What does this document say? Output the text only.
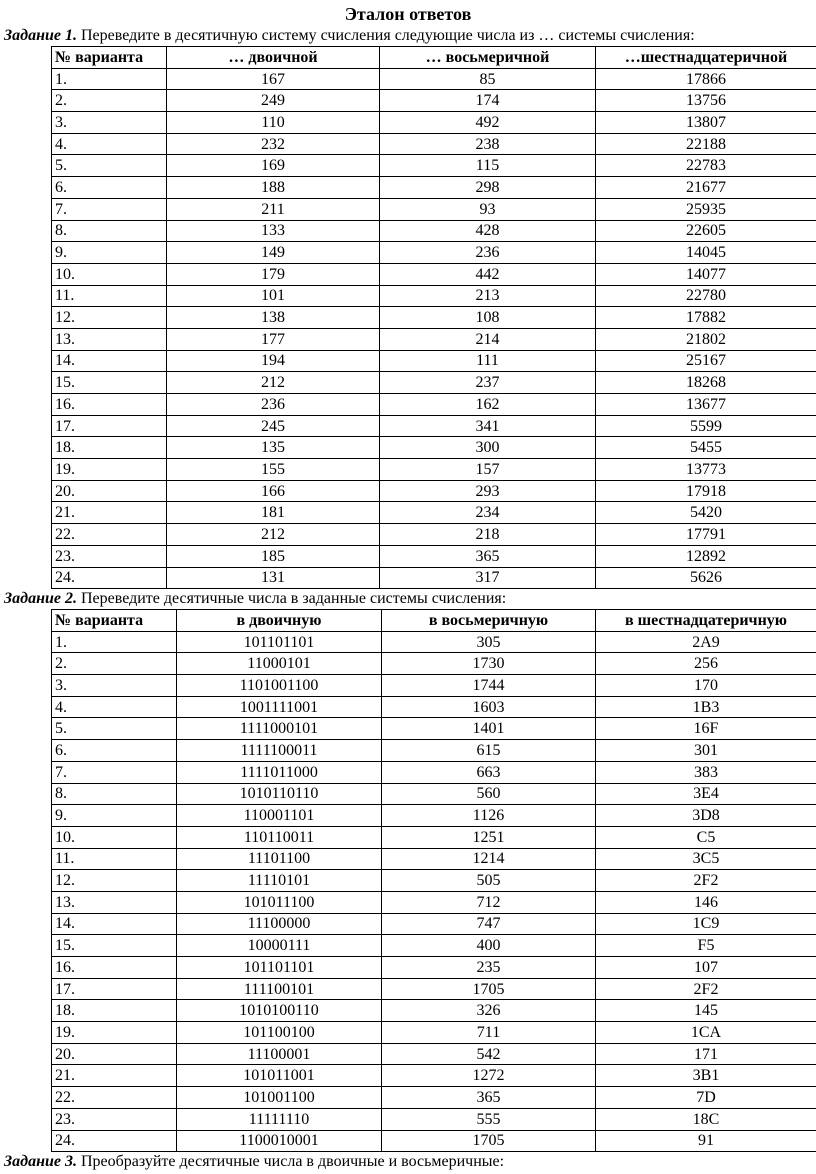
Эталон ответов
Задание 1. Переведите в десятичную систему счисления следующие числа из … системы счисления:
№ варианта	… двоичной	… восьмеричной	…шестнадцатеричной
1.	167	85	17866
2.	249	174	13756
3.	110	492	13807
4.	232	238	22188
5.	169	115	22783
6.	188	298	21677
7.	211	93	25935
8.	133	428	22605
9.	149	236	14045
10.	179	442	14077
11.	101	213	22780
12.	138	108	17882
13.	177	214	21802
14.	194	111	25167
15.	212	237	18268
16.	236	162	13677
17.	245	341	5599
18.	135	300	5455
19.	155	157	13773
20.	166	293	17918
21.	181	234	5420
22.	212	218	17791
23.	185	365	12892
24.	131	317	5626
Задание 2. Переведите десятичные числа в заданные системы счисления:
№ варианта	в двоичную	в восьмеричную	в шестнадцатеричную
1.	101101101	305	2A9
2.	11000101	1730	256
3.	1101001100	1744	170
4.	1001111001	1603	1B3
5.	1111000101	1401	16F
6.	1111100011	615	301
7.	1111011000	663	383
8.	1010110110	560	3E4
9.	110001101	1126	3D8
10.	110110011	1251	C5
11.	11101100	1214	3C5
12.	11110101	505	2F2
13.	101011100	712	146
14.	11100000	747	1C9
15.	10000111	400	F5
16.	101101101	235	107
17.	111100101	1705	2F2
18.	1010100110	326	145
19.	101100100	711	1CA
20.	11100001	542	171
21.	101011001	1272	3B1
22.	101001100	365	7D
23.	11111110	555	18C
24.	1100010001	1705	91
Задание 3. Преобразуйте десятичные числа в двоичные и восьмеричные:
